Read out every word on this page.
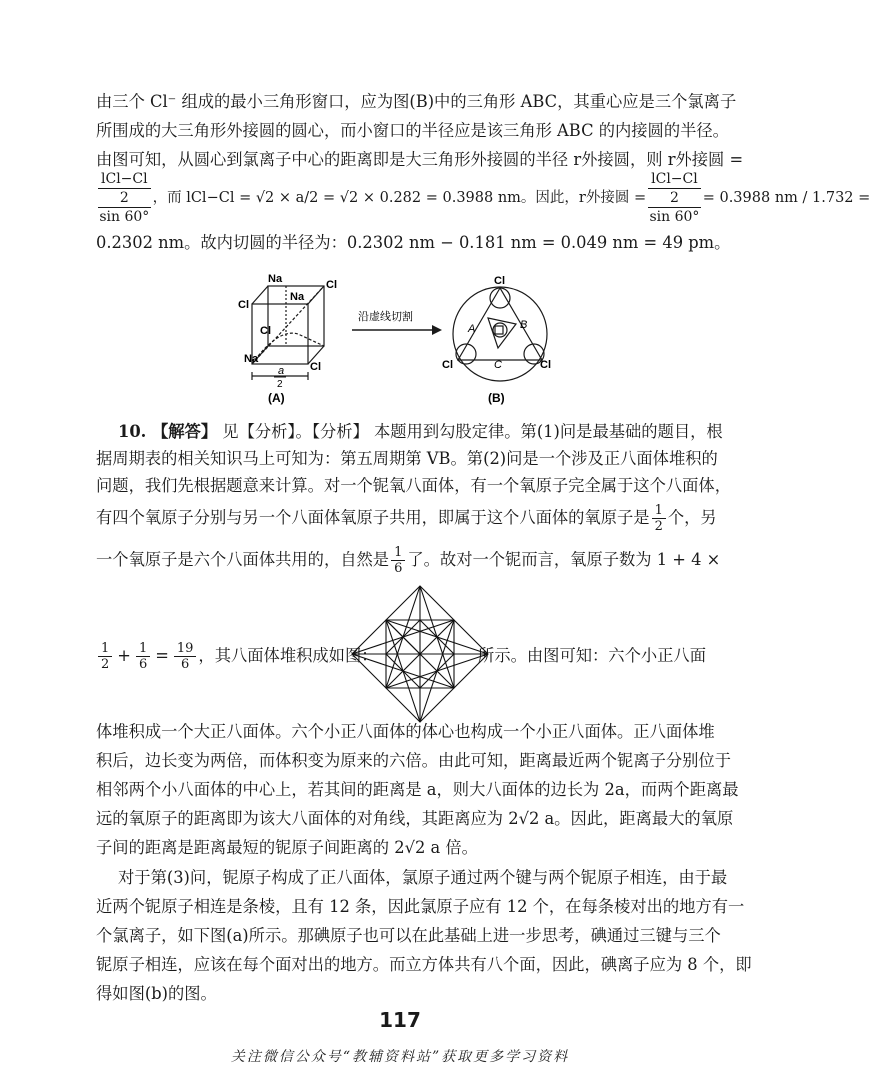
由三个 Cl⁻ 组成的最小三角形窗口，应为图(B)中的三角形 ABC，其重心应是三个氯离子
所围成的大三角形外接圆的圆心，而小窗口的半径应是该三角形 ABC 的内接圆的半径。
由图可知，从圆心到氯离子中心的距离即是大三角形外接圆的半径 r外接圆，则 r外接圆 =
lCl−Cl
2
sin 60°
，而 lCl−Cl = √2 × a/2 = √2 × 0.282 = 0.3988 nm。因此，r外接圆 =
lCl−Cl
2
sin 60°
= 0.3988 nm / 1.732 =
0.2302 nm。故内切圆的半径为：0.2302 nm − 0.181 nm = 0.049 nm = 49 pm。
Na	Cl
Cl
Na
Cl
Na
Cl
a
2
(A)
沿虚线切割
Cl
Cl	Cl
A	B
C
(B)
10. 【解答】 见【分析】。【分析】 本题用到勾股定律。第(1)问是最基础的题目，根
据周期表的相关知识马上可知为：第五周期第 VB。第(2)问是一个涉及正八面体堆积的
问题，我们先根据题意来计算。对一个铌氧八面体，有一个氧原子完全属于这个八面体，
有四个氧原子分别与另一个八面体氧原子共用，即属于这个八面体的氧原子是 $\frac{1}{2}$ 个，另
一个氧原子是六个八面体共用的，自然是 $\frac{1}{6}$ 了。故对一个铌而言，氧原子数为 1 + 4 ×
$\frac{1}{2} + \frac{1}{6} = \frac{19}{6}$ ，其八面体堆积成如图：	所示。由图可知：六个小正八面
体堆积成一个大正八面体。六个小正八面体的体心也构成一个小正八面体。正八面体堆
积后，边长变为两倍，而体积变为原来的六倍。由此可知，距离最近两个铌离子分别位于
相邻两个小八面体的中心上，若其间的距离是 a，则大八面体的边长为 2a，而两个距离最
远的氧原子的距离即为该大八面体的对角线，其距离应为 2√2 a。因此，距离最大的氧原
子间的距离是距离最短的铌原子间距离的 2√2 a 倍。
对于第(3)问，铌原子构成了正八面体，氯原子通过两个键与两个铌原子相连，由于最
近两个铌原子相连是条棱，且有 12 条，因此氯原子应有 12 个，在每条棱对出的地方有一
个氯离子，如下图(a)所示。那碘原子也可以在此基础上进一步思考，碘通过三键与三个
铌原子相连，应该在每个面对出的地方。而立方体共有八个面，因此，碘离子应为 8 个，即
得如图(b)的图。
117
关注微信公众号“教辅资料站”获取更多学习资料
